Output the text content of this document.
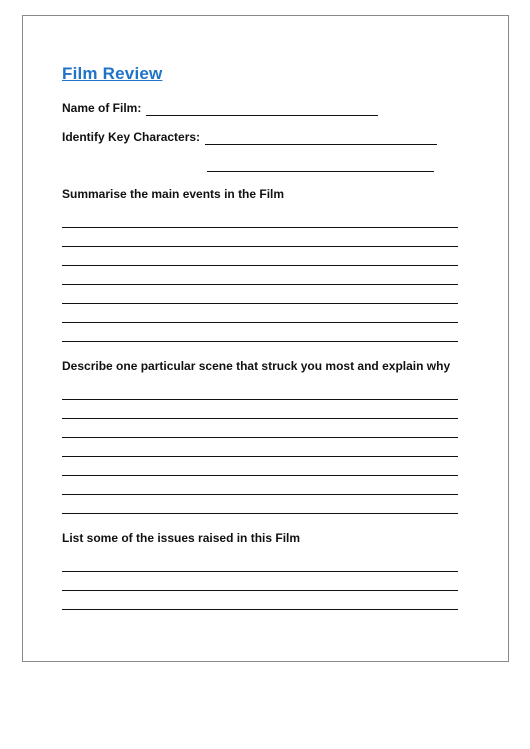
Film Review
Name of Film:
Identify Key Characters:
Summarise the main events in the Film
Describe one particular scene that struck you most and explain why
List some of the issues raised in this Film
